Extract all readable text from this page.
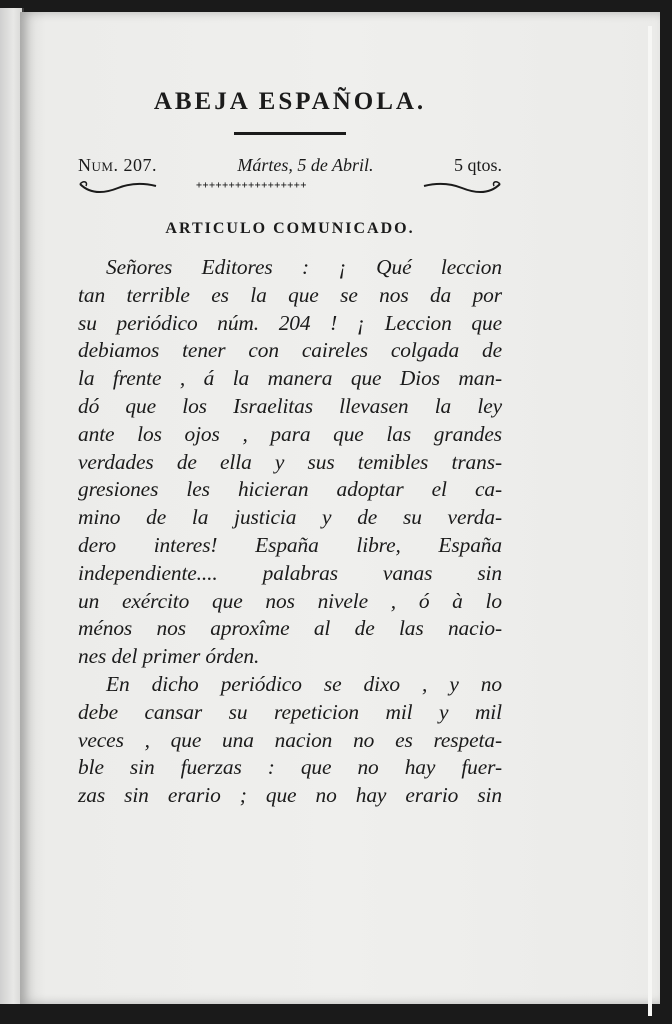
ABEJA ESPAÑOLA.
Num. 207.	Mártes, 5 de Abril.	5 qtos.
+++++++++++++++++
ARTICULO COMUNICADO.
Señores Editores : ¡ Qué leccion
tan terrible es la que se nos da por
su periódico núm. 204 ! ¡ Leccion que
debiamos tener con caireles colgada de
la frente , á la manera que Dios man-
dó que los Israelitas llevasen la ley
ante los ojos , para que las grandes
verdades de ella y sus temibles trans-
gresiones les hicieran adoptar el ca-
mino de la justicia y de su verda-
dero interes! España libre, España
independiente.... palabras vanas sin
un exército que nos nivele , ó à lo
ménos nos aproxîme al de las nacio-
nes del primer órden.
En dicho periódico se dixo , y no
debe cansar su repeticion mil y mil
veces , que una nacion no es respeta-
ble sin fuerzas : que no hay fuer-
zas sin erario ; que no hay erario sin
